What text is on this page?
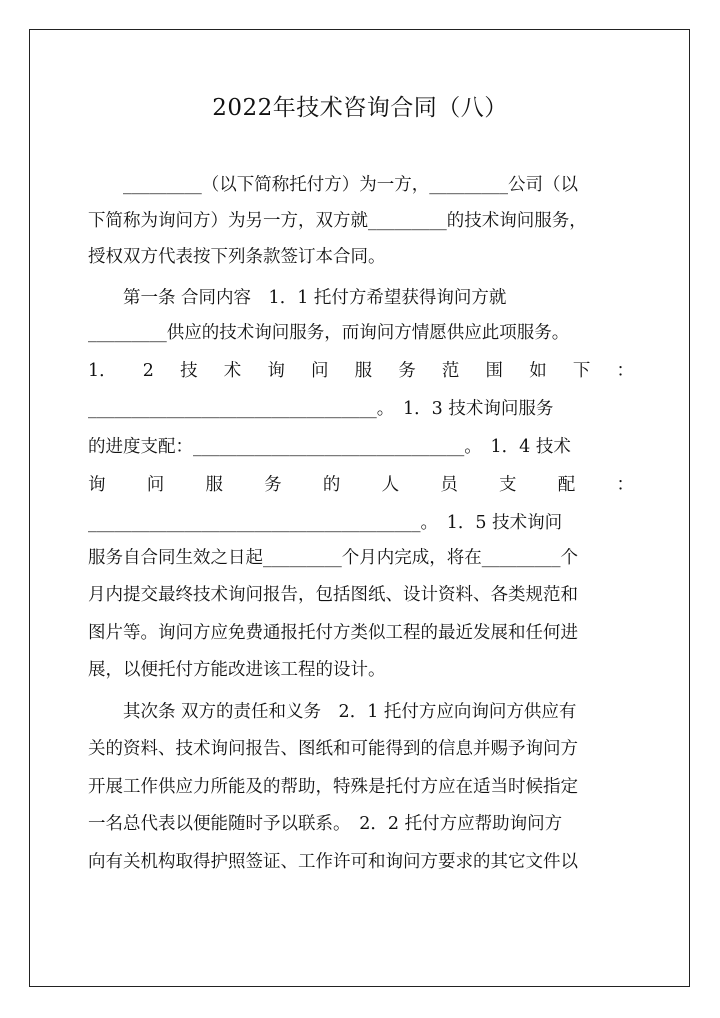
2022年技术咨询合同（八）
　　_________（以下简称托付方）为一方，_________公司（以
下简称为询问方）为另一方，双方就_________的技术询问服务，
授权双方代表按下列条款签订本合同。
　　第一条 合同内容　1．1 托付方希望获得询问方就
_________供应的技术询问服务，而询问方情愿供应此项服务。
1． 2 技 术 询 问 服 务 范 围 如 下 ：
_________________________________。　1．3 技术询问服务
的进度支配：_______________________________。　1．4 技术
询 问 服 务 的 人 员 支 配 ：
______________________________________。　1．5 技术询问
服务自合同生效之日起_________个月内完成，将在_________个
月内提交最终技术询问报告，包括图纸、设计资料、各类规范和
图片等。询问方应免费通报托付方类似工程的最近发展和任何进
展，以便托付方能改进该工程的设计。
　　其次条 双方的责任和义务　2．1 托付方应向询问方供应有
关的资料、技术询问报告、图纸和可能得到的信息并赐予询问方
开展工作供应力所能及的帮助，特殊是托付方应在适当时候指定
一名总代表以便能随时予以联系。　2．2 托付方应帮助询问方
向有关机构取得护照签证、工作许可和询问方要求的其它文件以
